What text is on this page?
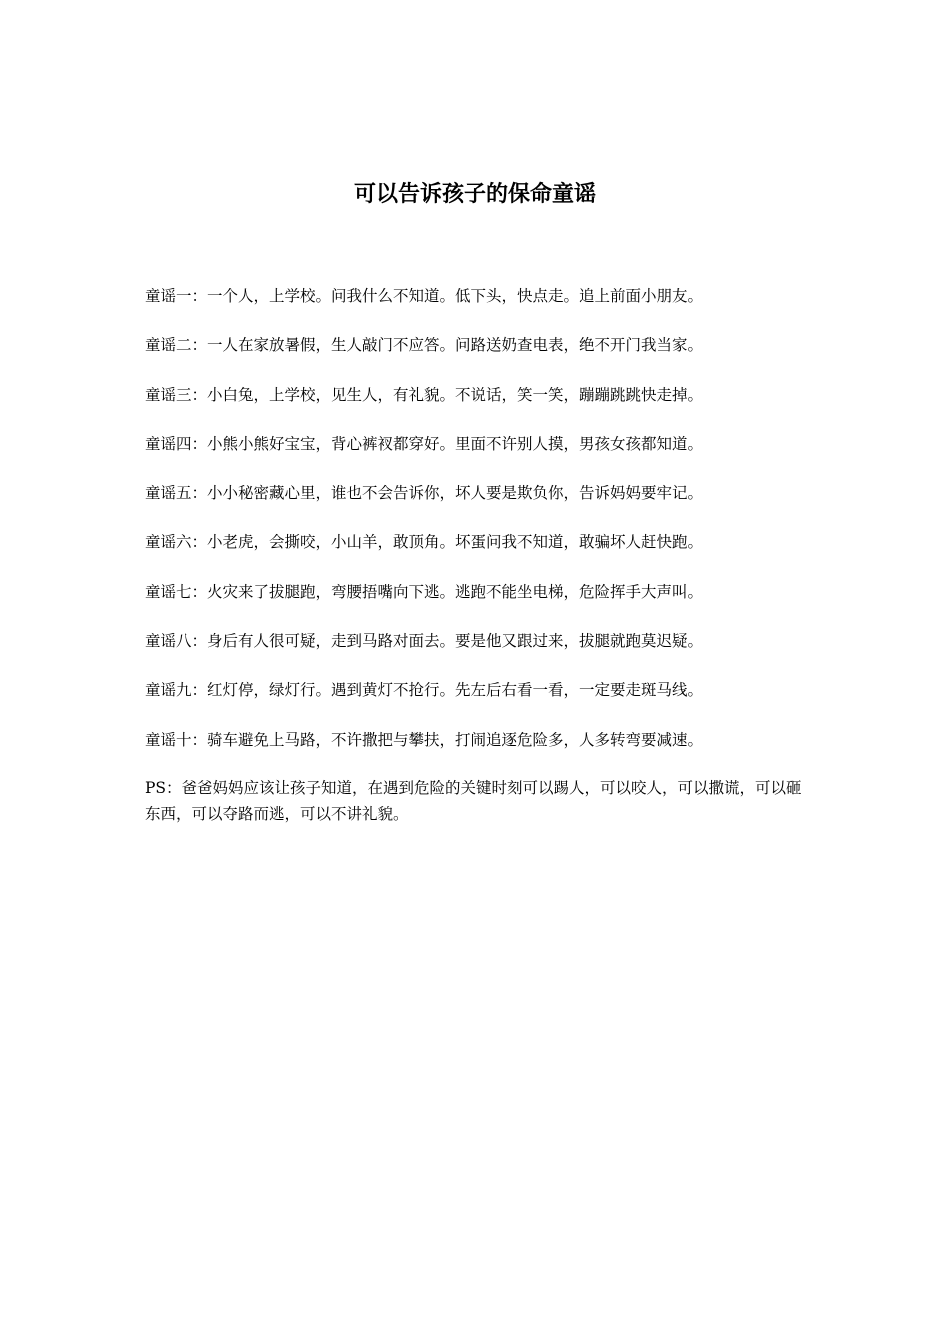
可以告诉孩子的保命童谣

童谣一：一个人，上学校。问我什么不知道。低下头，快点走。追上前面小朋友。

童谣二：一人在家放暑假，生人敲门不应答。问路送奶查电表，绝不开门我当家。

童谣三：小白兔，上学校，见生人，有礼貌。不说话，笑一笑，蹦蹦跳跳快走掉。

童谣四：小熊小熊好宝宝，背心裤衩都穿好。里面不许别人摸，男孩女孩都知道。

童谣五：小小秘密藏心里，谁也不会告诉你，坏人要是欺负你，告诉妈妈要牢记。

童谣六：小老虎，会撕咬，小山羊，敢顶角。坏蛋问我不知道，敢骗坏人赶快跑。

童谣七：火灾来了拔腿跑，弯腰捂嘴向下逃。逃跑不能坐电梯，危险挥手大声叫。

童谣八：身后有人很可疑，走到马路对面去。要是他又跟过来，拔腿就跑莫迟疑。

童谣九：红灯停，绿灯行。遇到黄灯不抢行。先左后右看一看，一定要走斑马线。

童谣十：骑车避免上马路，不许撒把与攀扶，打闹追逐危险多，人多转弯要减速。

PS：爸爸妈妈应该让孩子知道，在遇到危险的关键时刻可以踢人，可以咬人，可以撒谎，可以砸东西，可以夺路而逃，可以不讲礼貌。
